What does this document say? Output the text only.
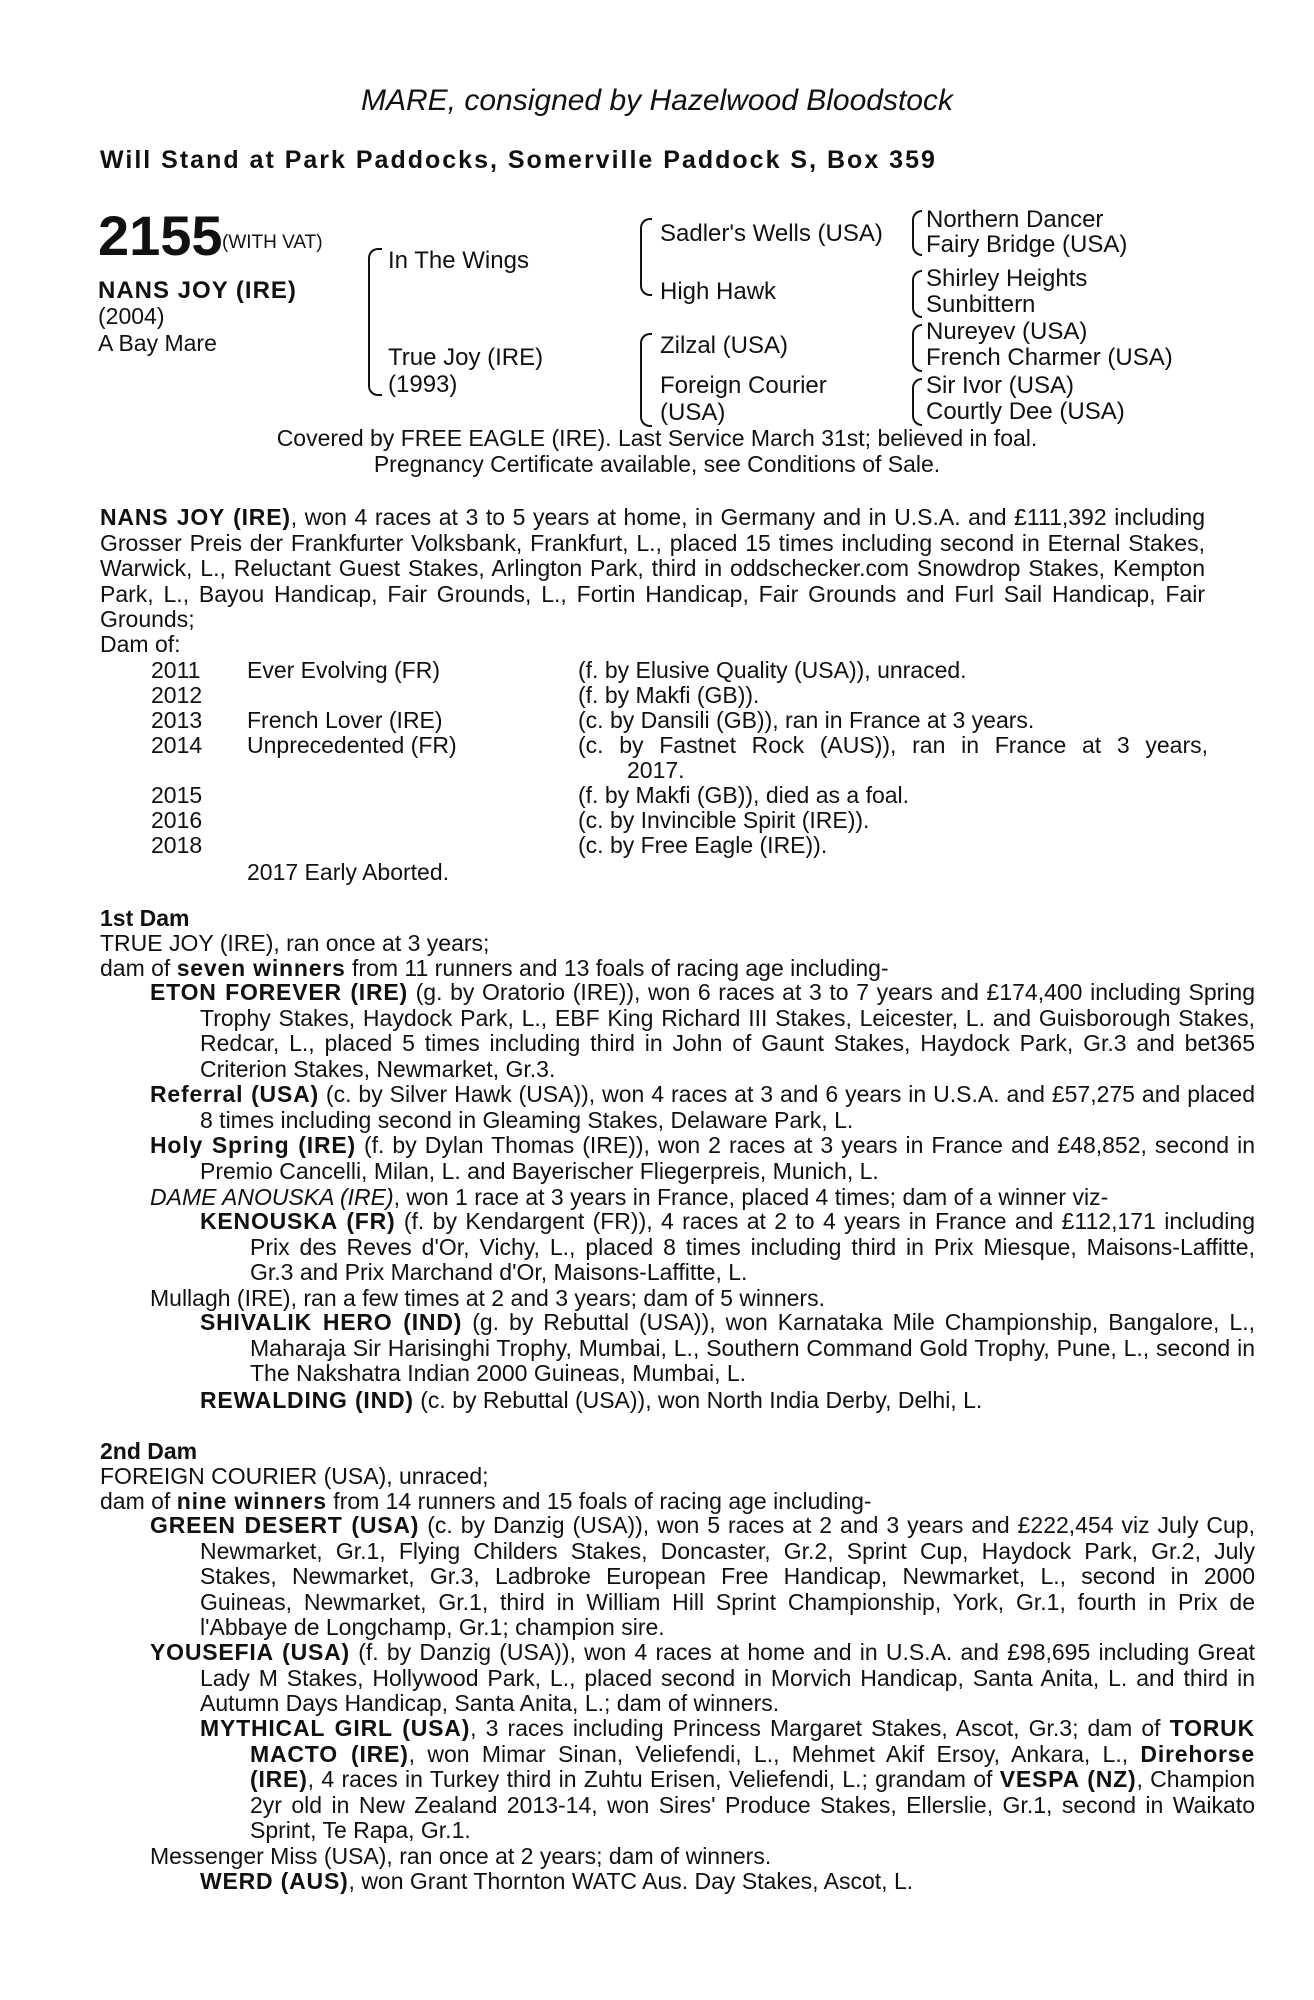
MARE, consigned by Hazelwood Bloodstock
Will Stand at Park Paddocks, Somerville Paddock S, Box 359
2155 (WITH VAT)
NANS JOY (IRE)
(2004)
A Bay Mare
In The Wings
True Joy (IRE)
(1993)
Sadler's Wells (USA)
High Hawk
Zilzal (USA)
Foreign Courier
(USA)
Northern Dancer
Fairy Bridge (USA)
Shirley Heights
Sunbittern
Nureyev (USA)
French Charmer (USA)
Sir Ivor (USA)
Courtly Dee (USA)
Covered by FREE EAGLE (IRE). Last Service March 31st; believed in foal.
Pregnancy Certificate available, see Conditions of Sale.

NANS JOY (IRE), won 4 races at 3 to 5 years at home, in Germany and in U.S.A. and £111,392 including Grosser Preis der Frankfurter Volksbank, Frankfurt, L., placed 15 times including second in Eternal Stakes, Warwick, L., Reluctant Guest Stakes, Arlington Park, third in oddschecker.com Snowdrop Stakes, Kempton Park, L., Bayou Handicap, Fair Grounds, L., Fortin Handicap, Fair Grounds and Furl Sail Handicap, Fair Grounds;

Dam of:
2011 Ever Evolving (FR)	(f. by Elusive Quality (USA)), unraced.
2012	(f. by Makfi (GB)).
2013 French Lover (IRE)	(c. by Dansili (GB)), ran in France at 3 years.
2014 Unprecedented (FR)	(c. by Fastnet Rock (AUS)), ran in France at 3 years,
2017.
2015	(f. by Makfi (GB)), died as a foal.
2016	(c. by Invincible Spirit (IRE)).
2018	(c. by Free Eagle (IRE)).
2017 Early Aborted.
1st Dam
TRUE JOY (IRE), ran once at 3 years;
dam of seven winners from 11 runners and 13 foals of racing age including-

ETON FOREVER (IRE) (g. by Oratorio (IRE)), won 6 races at 3 to 7 years and £174,400 including Spring Trophy Stakes, Haydock Park, L., EBF King Richard III Stakes, Leicester, L. and Guisborough Stakes, Redcar, L., placed 5 times including third in John of Gaunt Stakes, Haydock Park, Gr.3 and bet365 Criterion Stakes, Newmarket, Gr.3.

Referral (USA) (c. by Silver Hawk (USA)), won 4 races at 3 and 6 years in U.S.A. and £57,275 and placed 8 times including second in Gleaming Stakes, Delaware Park, L.

Holy Spring (IRE) (f. by Dylan Thomas (IRE)), won 2 races at 3 years in France and £48,852, second in Premio Cancelli, Milan, L. and Bayerischer Fliegerpreis, Munich, L.

DAME ANOUSKA (IRE), won 1 race at 3 years in France, placed 4 times; dam of a winner viz-

KENOUSKA (FR) (f. by Kendargent (FR)), 4 races at 2 to 4 years in France and £112,171 including Prix des Reves d'Or, Vichy, L., placed 8 times including third in Prix Miesque, Maisons-Laffitte, Gr.3 and Prix Marchand d'Or, Maisons-Laffitte, L.

Mullagh (IRE), ran a few times at 2 and 3 years; dam of 5 winners.

SHIVALIK HERO (IND) (g. by Rebuttal (USA)), won Karnataka Mile Championship, Bangalore, L., Maharaja Sir Harisinghi Trophy, Mumbai, L., Southern Command Gold Trophy, Pune, L., second in The Nakshatra Indian 2000 Guineas, Mumbai, L.

REWALDING (IND) (c. by Rebuttal (USA)), won North India Derby, Delhi, L.
2nd Dam
FOREIGN COURIER (USA), unraced;
dam of nine winners from 14 runners and 15 foals of racing age including-

GREEN DESERT (USA) (c. by Danzig (USA)), won 5 races at 2 and 3 years and £222,454 viz July Cup, Newmarket, Gr.1, Flying Childers Stakes, Doncaster, Gr.2, Sprint Cup, Haydock Park, Gr.2, July Stakes, Newmarket, Gr.3, Ladbroke European Free Handicap, Newmarket, L., second in 2000 Guineas, Newmarket, Gr.1, third in William Hill Sprint Championship, York, Gr.1, fourth in Prix de l'Abbaye de Longchamp, Gr.1; champion sire.

YOUSEFIA (USA) (f. by Danzig (USA)), won 4 races at home and in U.S.A. and £98,695 including Great Lady M Stakes, Hollywood Park, L., placed second in Morvich Handicap, Santa Anita, L. and third in Autumn Days Handicap, Santa Anita, L.; dam of winners.

MYTHICAL GIRL (USA), 3 races including Princess Margaret Stakes, Ascot, Gr.3; dam of TORUK MACTO (IRE), won Mimar Sinan, Veliefendi, L., Mehmet Akif Ersoy, Ankara, L., Direhorse (IRE), 4 races in Turkey third in Zuhtu Erisen, Veliefendi, L.; grandam of VESPA (NZ), Champion 2yr old in New Zealand 2013-14, won Sires' Produce Stakes, Ellerslie, Gr.1, second in Waikato Sprint, Te Rapa, Gr.1.

Messenger Miss (USA), ran once at 2 years; dam of winners.
WERD (AUS), won Grant Thornton WATC Aus. Day Stakes, Ascot, L.
